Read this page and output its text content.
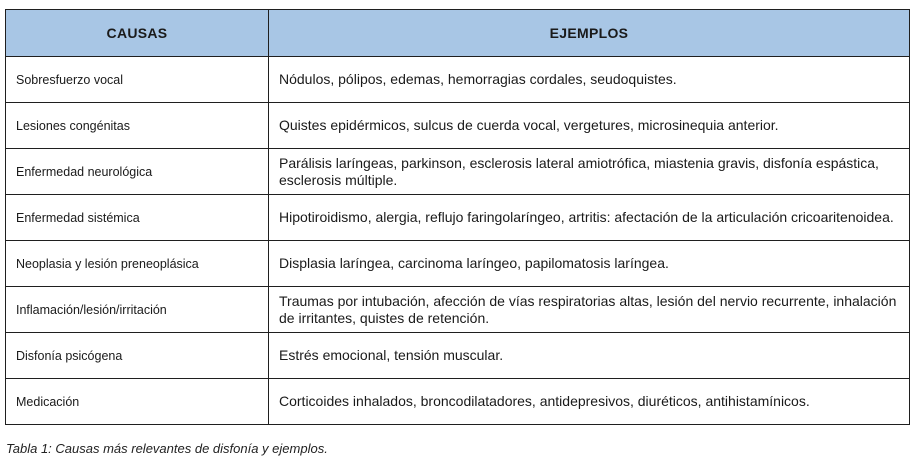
CAUSAS	EJEMPLOS
Sobresfuerzo vocal	Nódulos, pólipos, edemas, hemorragias cordales, seudoquistes.
Lesiones congénitas	Quistes epidérmicos, sulcus de cuerda vocal, vergetures, microsinequia anterior.
Enfermedad neurológica	Parálisis laríngeas, parkinson, esclerosis lateral amiotrófica, miastenia gravis, disfonía espástica, esclerosis múltiple.
Enfermedad sistémica	Hipotiroidismo, alergia, reflujo faringolaríngeo, artritis: afectación de la articulación cricoaritenoidea.
Neoplasia y lesión preneoplásica	Displasia laríngea, carcinoma laríngeo, papilomatosis laríngea.
Inflamación/lesión/irritación	Traumas por intubación, afección de vías respiratorias altas, lesión del nervio recurrente, inhalación de irritantes, quistes de retención.
Disfonía psicógena	Estrés emocional, tensión muscular.
Medicación	Corticoides inhalados, broncodilatadores, antidepresivos, diuréticos, antihistamínicos.
Tabla 1: Causas más relevantes de disfonía y ejemplos.
